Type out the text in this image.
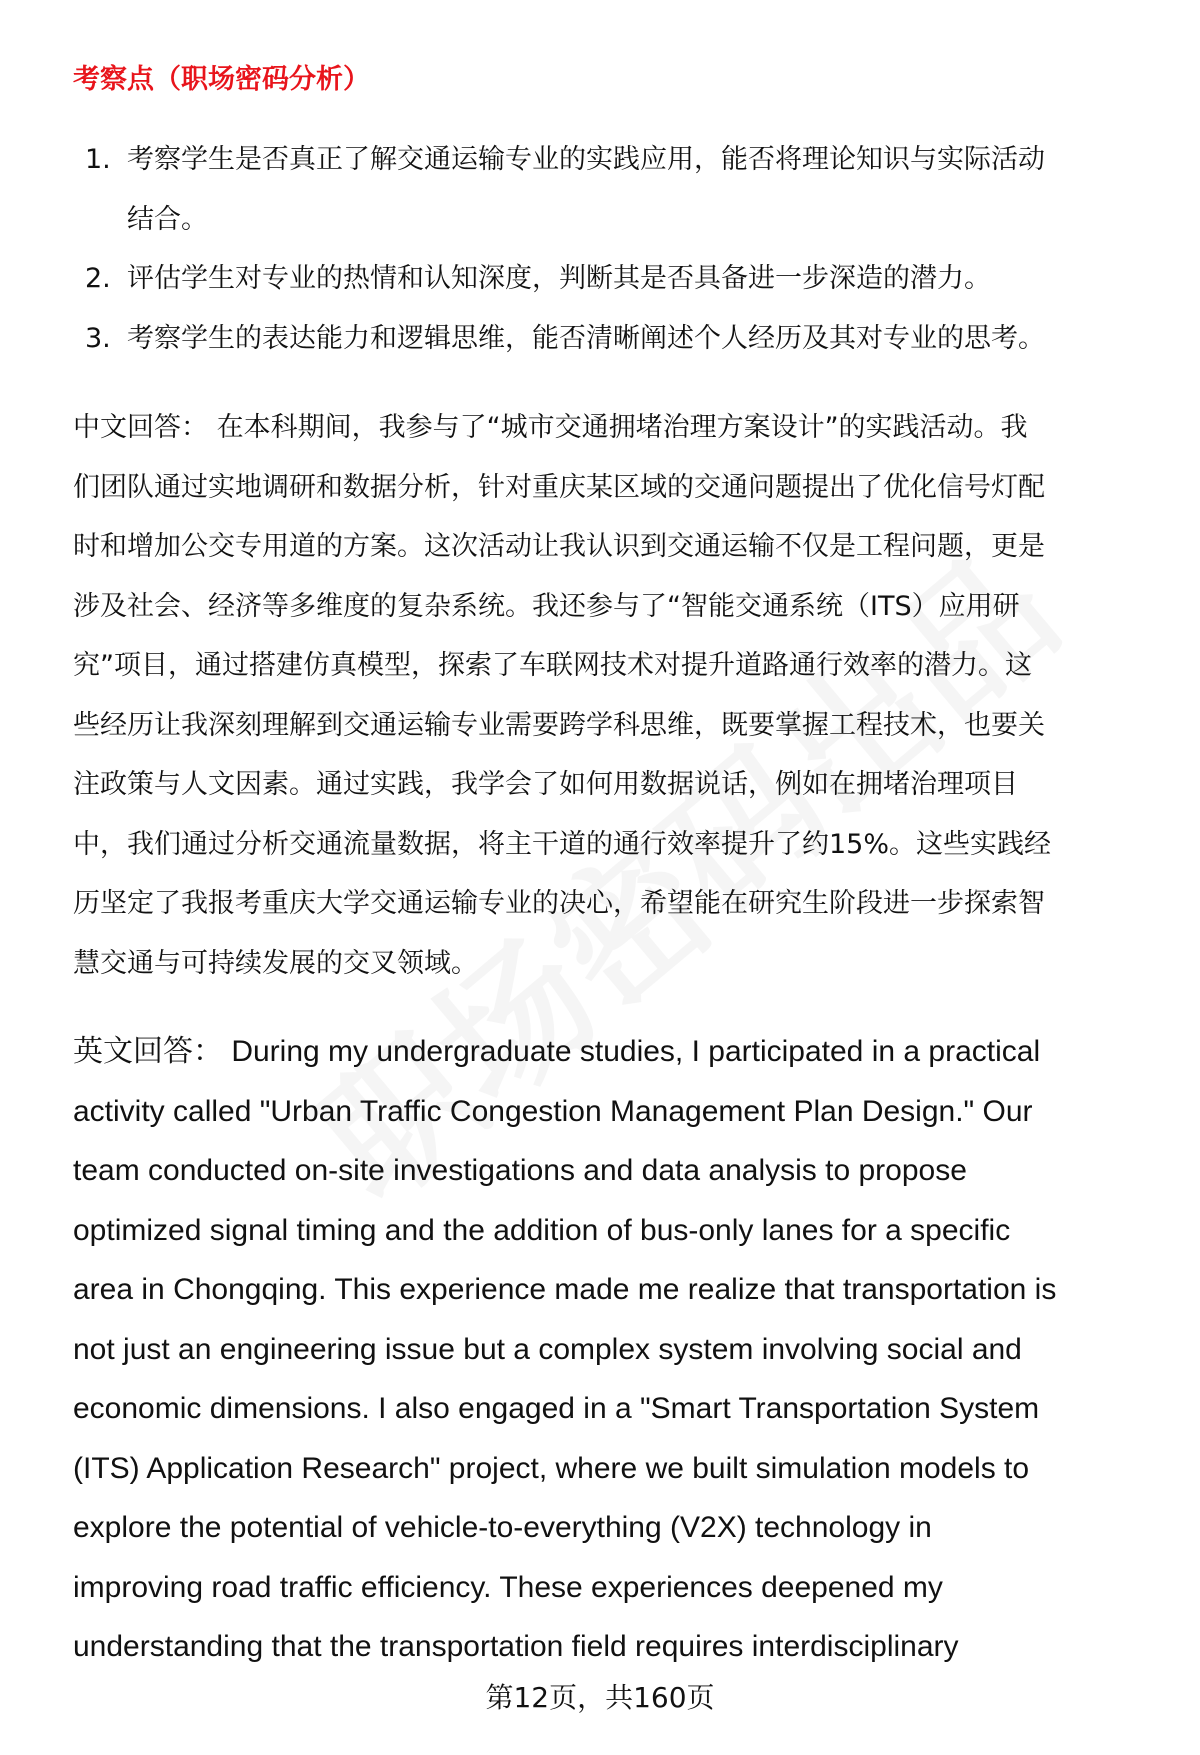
考察点（职场密码分析）
1. 考察学生是否真正了解交通运输专业的实践应用，能否将理论知识与实际活动
结合。
2. 评估学生对专业的热情和认知深度，判断其是否具备进一步深造的潜力。
3. 考察学生的表达能力和逻辑思维，能否清晰阐述个人经历及其对专业的思考。
中文回答： 在本科期间，我参与了“城市交通拥堵治理方案设计”的实践活动。我
们团队通过实地调研和数据分析，针对重庆某区域的交通问题提出了优化信号灯配
时和增加公交专用道的方案。这次活动让我认识到交通运输不仅是工程问题，更是
涉及社会、经济等多维度的复杂系统。我还参与了“智能交通系统（ITS）应用研
究”项目，通过搭建仿真模型，探索了车联网技术对提升道路通行效率的潜力。这
些经历让我深刻理解到交通运输专业需要跨学科思维，既要掌握工程技术，也要关
注政策与人文因素。通过实践，我学会了如何用数据说话，例如在拥堵治理项目
中，我们通过分析交通流量数据，将主干道的通行效率提升了约15%。这些实践经
历坚定了我报考重庆大学交通运输专业的决心，希望能在研究生阶段进一步探索智
慧交通与可持续发展的交叉领域。
英文回答： During my undergraduate studies, I participated in a practical
activity called "Urban Traffic Congestion Management Plan Design." Our
team conducted on-site investigations and data analysis to propose
optimized signal timing and the addition of bus-only lanes for a specific
area in Chongqing. This experience made me realize that transportation is
not just an engineering issue but a complex system involving social and
economic dimensions. I also engaged in a "Smart Transportation System
(ITS) Application Research" project, where we built simulation models to
explore the potential of vehicle-to-everything (V2X) technology in
improving road traffic efficiency. These experiences deepened my
understanding that the transportation field requires interdisciplinary
第12页，共160页
